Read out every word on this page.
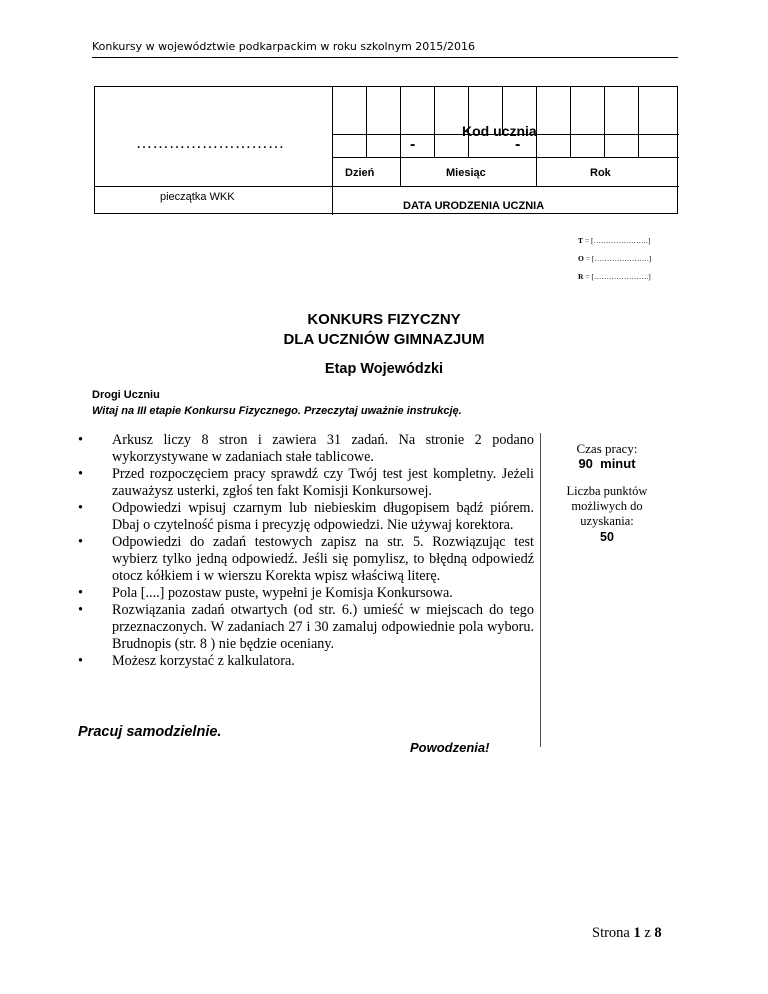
Konkursy w województwie podkarpackim w roku szkolnym 2015/2016
………………………
pieczątka WKK
Kod ucznia
-	-
Dzień	Miesiąc	Rok
DATA URODZENIA UCZNIA
T = [………………….]
O = [………………….]
R = [………………….]
KONKURS FIZYCZNY
DLA UCZNIÓW GIMNAZJUM
Etap Wojewódzki
Drogi Uczniu
Witaj na III etapie Konkursu Fizycznego. Przeczytaj uważnie instrukcję.
• Arkusz liczy 8 stron i zawiera 31 zadań. Na stronie 2 podano wykorzystywane w zadaniach stałe tablicowe.
• Przed rozpoczęciem pracy sprawdź czy Twój test jest kompletny. Jeżeli zauważysz usterki, zgłoś ten fakt Komisji Konkursowej.
• Odpowiedzi wpisuj czarnym lub niebieskim długopisem bądź piórem. Dbaj o czytelność pisma i precyzję odpowiedzi. Nie używaj korektora.
• Odpowiedzi do zadań testowych zapisz na str. 5. Rozwiązując test wybierz tylko jedną odpowiedź. Jeśli się pomylisz, to błędną odpowiedź otocz kółkiem i w wierszu Korekta wpisz właściwą literę.
• Pola [....] pozostaw puste, wypełni je Komisja Konkursowa.
• Rozwiązania zadań otwartych (od str. 6.) umieść w miejscach do tego przeznaczonych. W zadaniach 27 i 30 zamaluj odpowiednie pola wyboru. Brudnopis (str. 8 ) nie będzie oceniany.
• Możesz korzystać z kalkulatora.
Czas pracy:
90  minut
Liczba punktów możliwych do uzyskania:
50
Pracuj samodzielnie.
Powodzenia!
Strona 1 z 8
